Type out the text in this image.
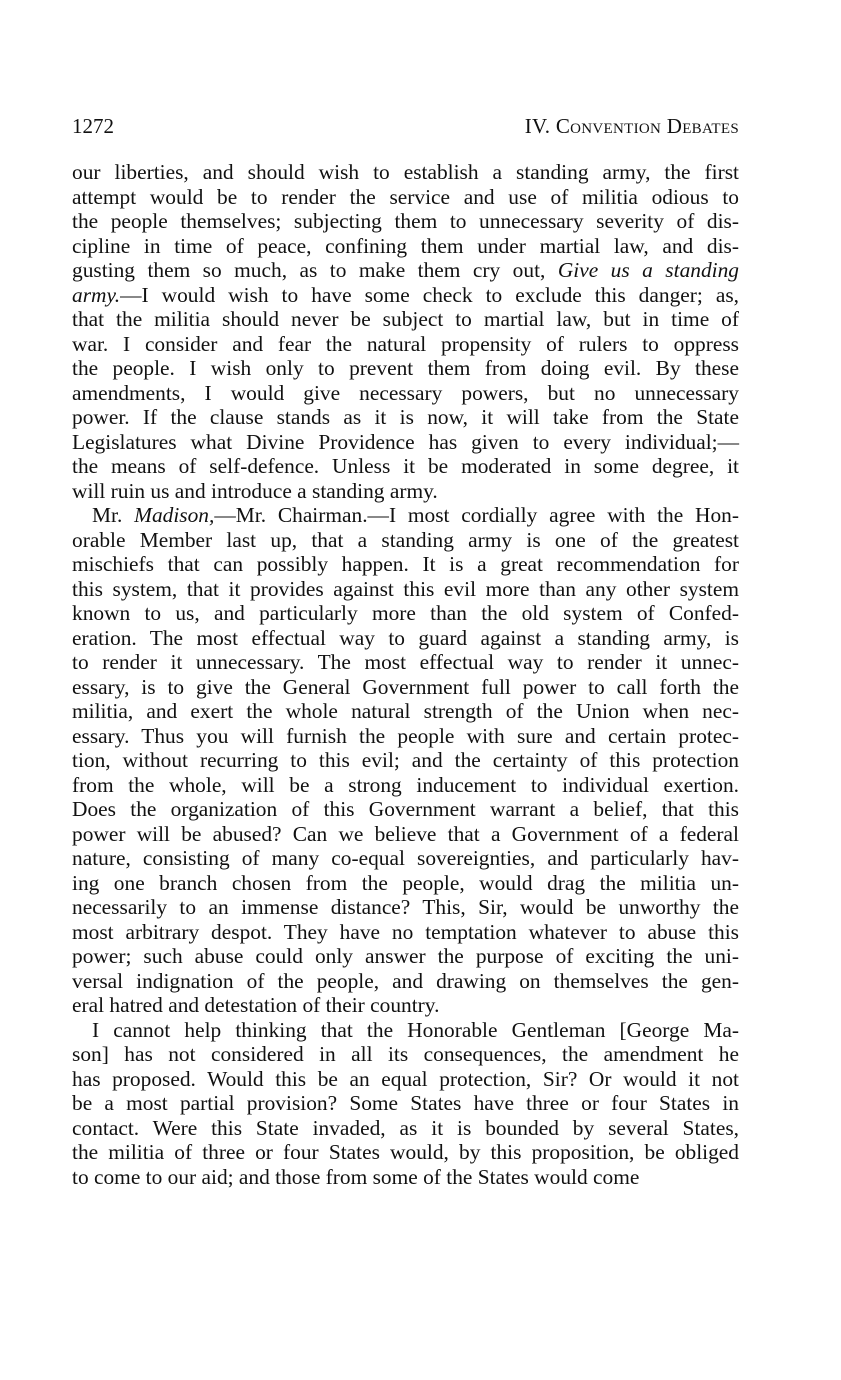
1272	IV. Convention Debates
our liberties, and should wish to establish a standing army, the first
attempt would be to render the service and use of militia odious to
the people themselves; subjecting them to unnecessary severity of dis-
cipline in time of peace, confining them under martial law, and dis-
gusting them so much, as to make them cry out, Give us a standing
army.—I would wish to have some check to exclude this danger; as,
that the militia should never be subject to martial law, but in time of
war. I consider and fear the natural propensity of rulers to oppress
the people. I wish only to prevent them from doing evil. By these
amendments, I would give necessary powers, but no unnecessary
power. If the clause stands as it is now, it will take from the State
Legislatures what Divine Providence has given to every individual;—
the means of self-defence. Unless it be moderated in some degree, it
will ruin us and introduce a standing army.
Mr. Madison,—Mr. Chairman.—I most cordially agree with the Hon-
orable Member last up, that a standing army is one of the greatest
mischiefs that can possibly happen. It is a great recommendation for
this system, that it provides against this evil more than any other system
known to us, and particularly more than the old system of Confed-
eration. The most effectual way to guard against a standing army, is
to render it unnecessary. The most effectual way to render it unnec-
essary, is to give the General Government full power to call forth the
militia, and exert the whole natural strength of the Union when nec-
essary. Thus you will furnish the people with sure and certain protec-
tion, without recurring to this evil; and the certainty of this protection
from the whole, will be a strong inducement to individual exertion.
Does the organization of this Government warrant a belief, that this
power will be abused? Can we believe that a Government of a federal
nature, consisting of many co-equal sovereignties, and particularly hav-
ing one branch chosen from the people, would drag the militia un-
necessarily to an immense distance? This, Sir, would be unworthy the
most arbitrary despot. They have no temptation whatever to abuse this
power; such abuse could only answer the purpose of exciting the uni-
versal indignation of the people, and drawing on themselves the gen-
eral hatred and detestation of their country.
I cannot help thinking that the Honorable Gentleman [George Ma-
son] has not considered in all its consequences, the amendment he
has proposed. Would this be an equal protection, Sir? Or would it not
be a most partial provision? Some States have three or four States in
contact. Were this State invaded, as it is bounded by several States,
the militia of three or four States would, by this proposition, be obliged
to come to our aid; and those from some of the States would come
